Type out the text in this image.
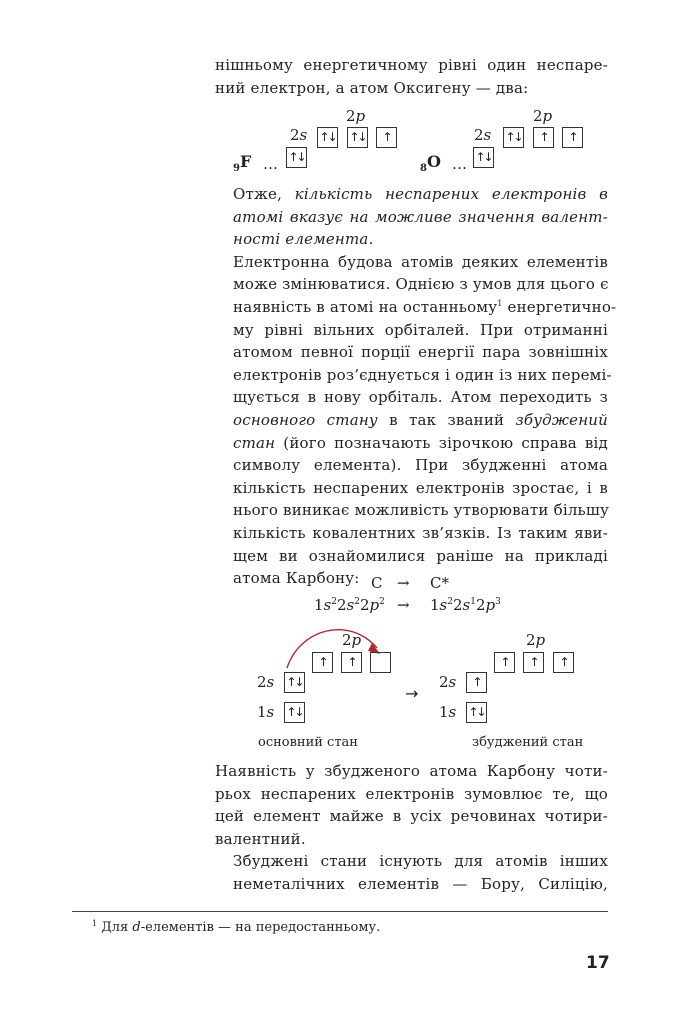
нішньому енергетичному рівні один неспаре-
ний електрон, а атом Оксигену — два:

2p
2s ↑↓ ↑↓	↑
↑↓
$_9$F …
2p
2s ↑↓	↑	↑
↑↓
$_8$O …

Отже, кількість неспарених електронів в
атомі вказує на можливе значення валент-
ності елемента.

Електронна будова атомів деяких елементів
може змінюватися. Однією з умов для цього є
наявність в атомі на останньому$^1$ енергетично-
му рівні вільних орбіталей. При отриманні
атомом певної порції енергії пара зовнішніх
електронів роз’єднується і один із них перемі-
щується в нову орбіталь. Атом переходить з
основного стану в так званий збуджений
стан (його позначають зірочкою справа від
символу елемента). При збудженні атома
кількість неспарених електронів зростає, і в
нього виникає можливість утворювати більшу
кількість ковалентних зв’язків. Із таким яви-
щем ви ознайомилися раніше на прикладі
атома Карбону: C → C*
$1s^22s^22p^2 \to 1s^22s^12p^3$
2p
↑	↑
2s ↑↓
1s ↑↓
основний стан
→
2p
↑	↑	↑
2s	↑
1s ↑↓
збуджений стан

Наявність у збудженого атома Карбону чоти-
рьох неспарених електронів зумовлює те, що
цей елемент майже в усіх речовинах чотири-
валентний.

Збуджені стани існують для атомів інших
неметалічних елементів — Бору, Силіцію,

$^1$ Для d-елементів — на передостанньому.
17
